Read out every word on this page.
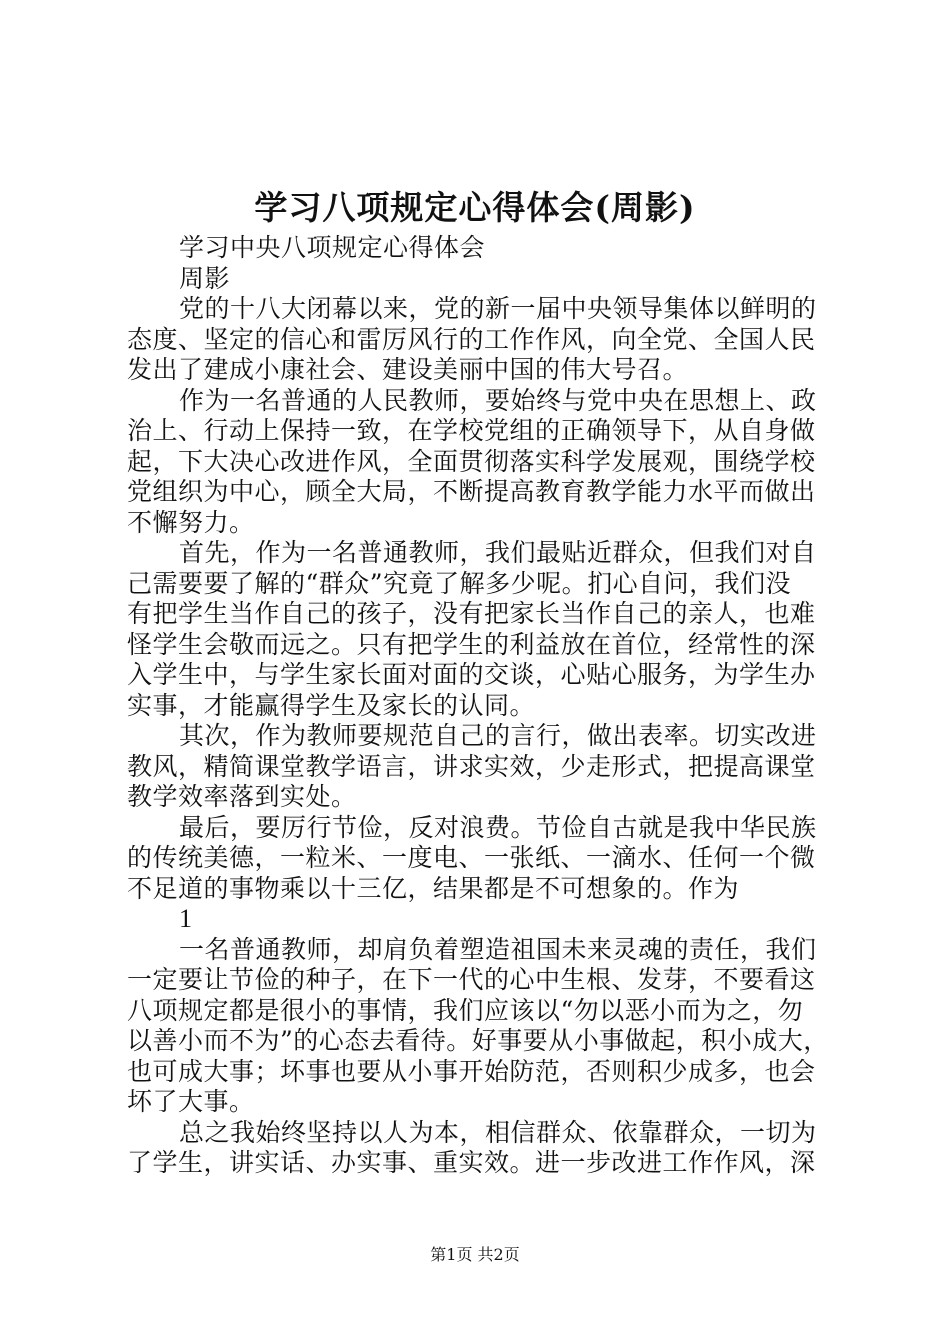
学习八项规定心得体会(周影)
学习中央八项规定心得体会
周影
党的十八大闭幕以来，党的新一届中央领导集体以鲜明的
态度、坚定的信心和雷厉风行的工作作风，向全党、全国人民
发出了建成小康社会、建设美丽中国的伟大号召。
作为一名普通的人民教师，要始终与党中央在思想上、政
治上、行动上保持一致，在学校党组的正确领导下，从自身做
起，下大决心改进作风，全面贯彻落实科学发展观，围绕学校
党组织为中心，顾全大局，不断提高教育教学能力水平而做出
不懈努力。
首先，作为一名普通教师，我们最贴近群众，但我们对自
己需要要了解的“群众”究竟了解多少呢。扪心自问，我们没
有把学生当作自己的孩子，没有把家长当作自己的亲人，也难
怪学生会敬而远之。只有把学生的利益放在首位，经常性的深
入学生中，与学生家长面对面的交谈，心贴心服务，为学生办
实事，才能赢得学生及家长的认同。
其次，作为教师要规范自己的言行，做出表率。切实改进
教风，精简课堂教学语言，讲求实效，少走形式，把提高课堂
教学效率落到实处。
最后，要厉行节俭，反对浪费。节俭自古就是我中华民族
的传统美德，一粒米、一度电、一张纸、一滴水、任何一个微
不足道的事物乘以十三亿，结果都是不可想象的。作为
1
一名普通教师，却肩负着塑造祖国未来灵魂的责任，我们
一定要让节俭的种子，在下一代的心中生根、发芽，不要看这
八项规定都是很小的事情，我们应该以“勿以恶小而为之，勿
以善小而不为”的心态去看待。好事要从小事做起，积小成大，
也可成大事；坏事也要从小事开始防范，否则积少成多，也会
坏了大事。
总之我始终坚持以人为本，相信群众、依靠群众，一切为
了学生，讲实话、办实事、重实效。进一步改进工作作风，深
第1页 共2页
